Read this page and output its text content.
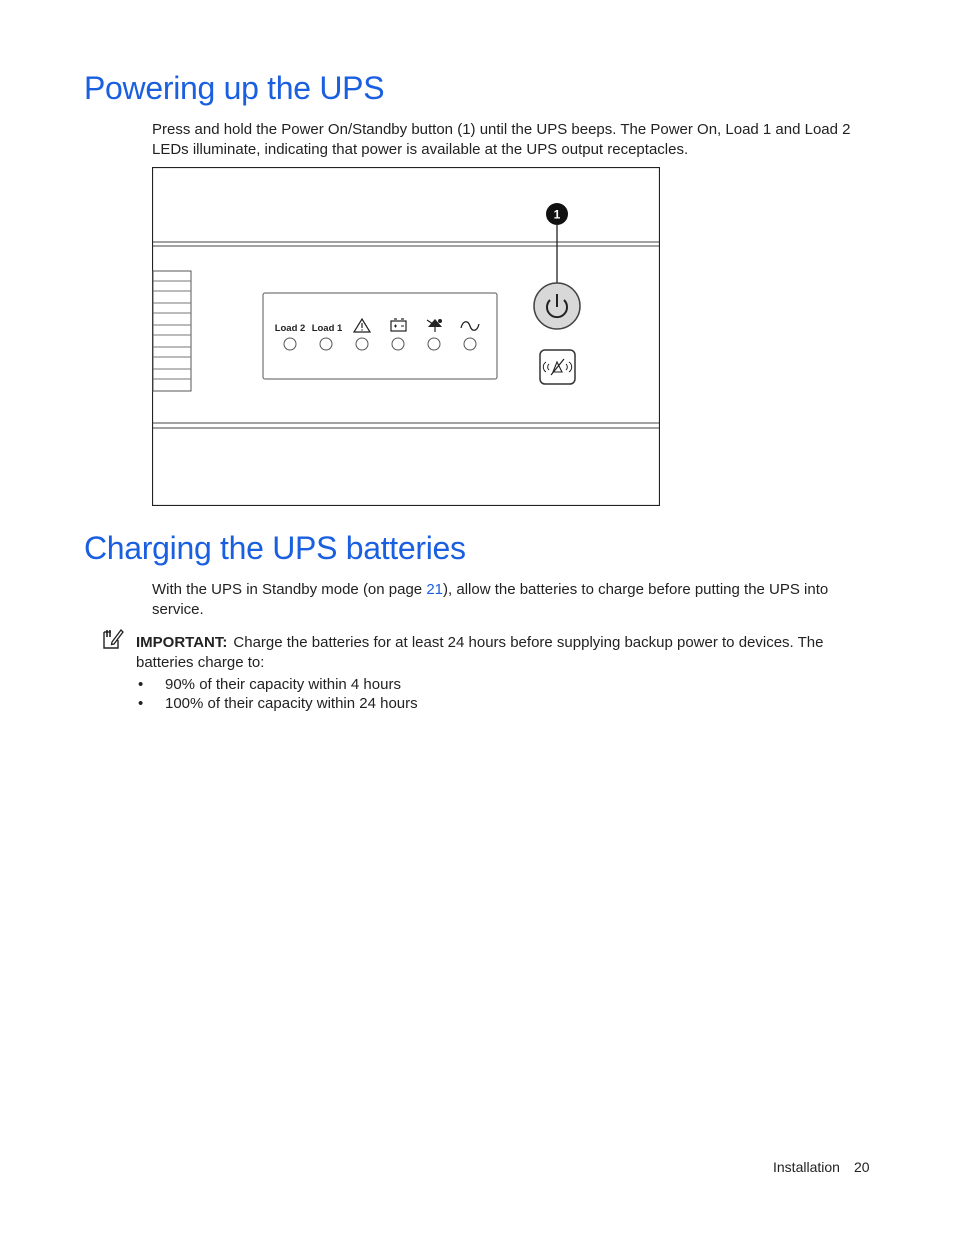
Powering up the UPS

Press and hold the Power On/Standby button (1) until the UPS beeps. The Power On, Load 1 and Load 2 LEDs illuminate, indicating that power is available at the UPS output receptacles.

Load 2 Load 1
1
Charging the UPS batteries

With the UPS in Standby mode (on page 21), allow the batteries to charge before putting the UPS into service.

IMPORTANT: Charge the batteries for at least 24 hours before supplying backup power to devices. The batteries charge to:

• 90% of their capacity within 4 hours
• 100% of their capacity within 24 hours
Installation 20
